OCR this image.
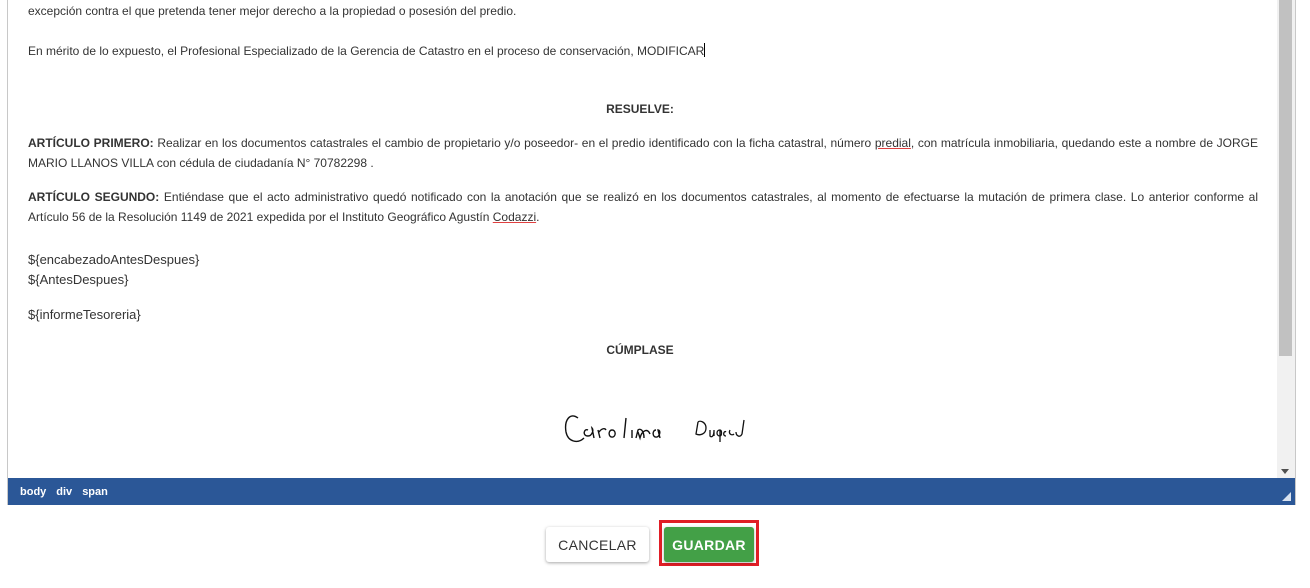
excepción contra el que pretenda tener mejor derecho a la propiedad o posesión del predio.

En mérito de lo expuesto, el Profesional Especializado de la Gerencia de Catastro en el proceso de conservación, MODIFICAR

RESUELVE:

ARTÍCULO PRIMERO: Realizar en los documentos catastrales el cambio de propietario y/o poseedor- en el predio identificado con la ficha catastral, número predial, con matrícula inmobiliaria, quedando este a nombre de JORGE MARIO LLANOS VILLA con cédula de ciudadanía N° 70782298 .

ARTÍCULO SEGUNDO: Entiéndase que el acto administrativo quedó notificado con la anotación que se realizó en los documentos catastrales, al momento de efectuarse la mutación de primera clase. Lo anterior conforme al Artículo 56 de la Resolución 1149 de 2021 expedida por el Instituto Geográfico Agustín Codazzi.

${encabezadoAntesDespues}

${AntesDespues}

${informeTesoreria}

CÚMPLASE

body div span
CANCELAR	GUARDAR
